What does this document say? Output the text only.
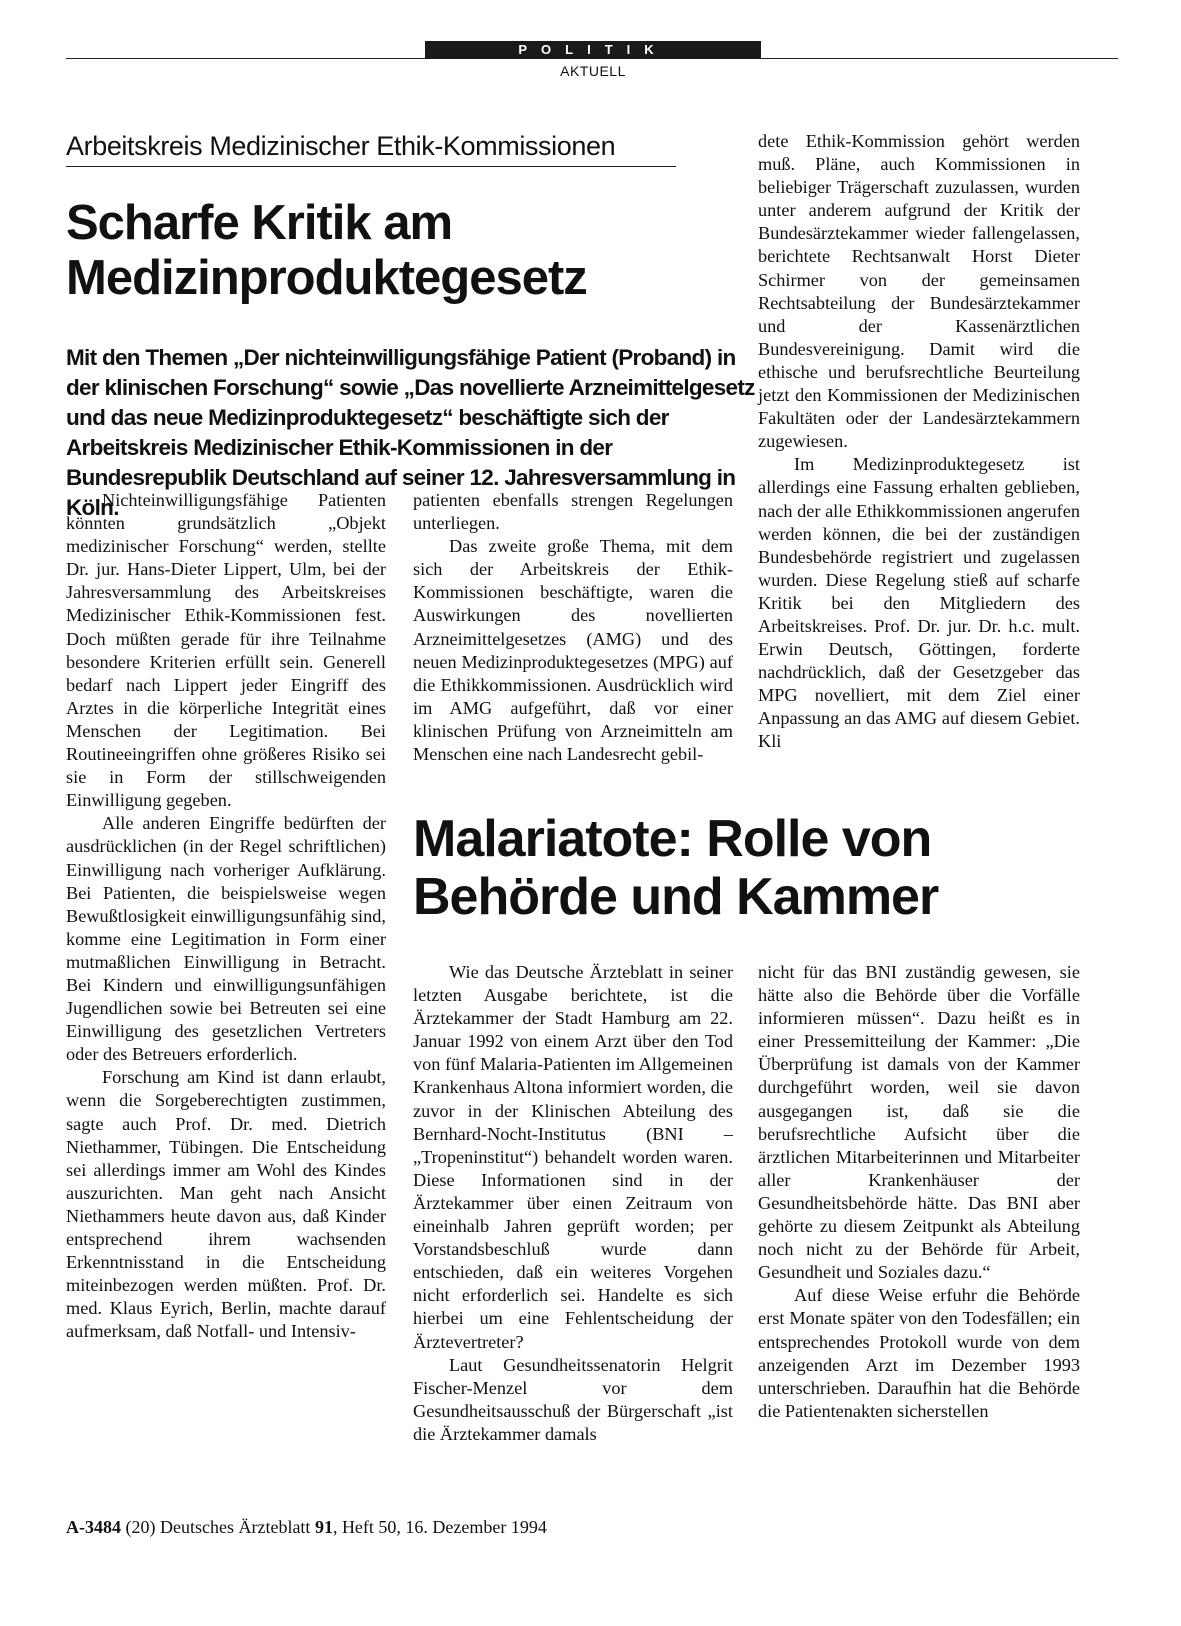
POLITIK
AKTUELL
Arbeitskreis Medizinischer Ethik-Kommissionen
Scharfe Kritik am
Medizinproduktegesetz

Mit den Themen „Der nichteinwilligungsfähige Patient (Proband) in der klinischen Forschung“ sowie „Das novellierte Arzneimittelgesetz und das neue Medizinproduktegesetz“ beschäftigte sich der Arbeitskreis Medizinischer Ethik-Kommissionen in der Bundesrepublik Deutschland auf seiner 12. Jahresversammlung in Köln.

Nichteinwilligungsfähige Patienten könnten grundsätzlich „Objekt medizinischer Forschung“ werden, stellte Dr. jur. Hans-Dieter Lippert, Ulm, bei der Jahresversammlung des Arbeitskreises Medizinischer Ethik-Kommissionen fest. Doch müßten gerade für ihre Teilnahme besondere Kriterien erfüllt sein. Generell bedarf nach Lippert jeder Eingriff des Arztes in die körperliche Integrität eines Menschen der Legitimation. Bei Routineeingriffen ohne größeres Risiko sei sie in Form der stillschweigenden Einwilligung gegeben.

Alle anderen Eingriffe bedürften der ausdrücklichen (in der Regel schriftlichen) Einwilligung nach vorheriger Aufklärung. Bei Patienten, die beispielsweise wegen Bewußtlosigkeit einwilligungsunfähig sind, komme eine Legitimation in Form einer mutmaßlichen Einwilligung in Betracht. Bei Kindern und einwilligungsunfähigen Jugendlichen sowie bei Betreuten sei eine Einwilligung des gesetzlichen Vertreters oder des Betreuers erforderlich.

Forschung am Kind ist dann erlaubt, wenn die Sorgeberechtigten zustimmen, sagte auch Prof. Dr. med. Dietrich Niethammer, Tübingen. Die Entscheidung sei allerdings immer am Wohl des Kindes auszurichten. Man geht nach Ansicht Niethammers heute davon aus, daß Kinder entsprechend ihrem wachsenden Erkenntnisstand in die Entscheidung miteinbezogen werden müßten. Prof. Dr. med. Klaus Eyrich, Berlin, machte darauf aufmerksam, daß Notfall- und Intensiv-

patienten ebenfalls strengen Regelungen unterliegen.

Das zweite große Thema, mit dem sich der Arbeitskreis der Ethik-Kommissionen beschäftigte, waren die Auswirkungen des novellierten Arzneimittelgesetzes (AMG) und des neuen Medizinproduktegesetzes (MPG) auf die Ethikkommissionen. Ausdrücklich wird im AMG aufgeführt, daß vor einer klinischen Prüfung von Arzneimitteln am Menschen eine nach Landesrecht gebil-

dete Ethik-Kommission gehört werden muß. Pläne, auch Kommissionen in beliebiger Trägerschaft zuzulassen, wurden unter anderem aufgrund der Kritik der Bundesärztekammer wieder fallengelassen, berichtete Rechtsanwalt Horst Dieter Schirmer von der gemeinsamen Rechtsabteilung der Bundesärztekammer und der Kassenärztlichen Bundesvereinigung. Damit wird die ethische und berufsrechtliche Beurteilung jetzt den Kommissionen der Medizinischen Fakultäten oder der Landesärztekammern zugewiesen.

Im Medizinproduktegesetz ist allerdings eine Fassung erhalten geblieben, nach der alle Ethikkommissionen angerufen werden können, die bei der zuständigen Bundesbehörde registriert und zugelassen wurden. Diese Regelung stieß auf scharfe Kritik bei den Mitgliedern des Arbeitskreises. Prof. Dr. jur. Dr. h.c. mult. Erwin Deutsch, Göttingen, forderte nachdrücklich, daß der Gesetzgeber das MPG novelliert, mit dem Ziel einer Anpassung an das AMG auf diesem Gebiet. Kli

Malariatote: Rolle von
Behörde und Kammer

Wie das Deutsche Ärzteblatt in seiner letzten Ausgabe berichtete, ist die Ärztekammer der Stadt Hamburg am 22. Januar 1992 von einem Arzt über den Tod von fünf Malaria-Patienten im Allgemeinen Krankenhaus Altona informiert worden, die zuvor in der Klinischen Abteilung des Bernhard-Nocht-Institutus (BNI – „Tropeninstitut“) behandelt worden waren. Diese Informationen sind in der Ärztekammer über einen Zeitraum von eineinhalb Jahren geprüft worden; per Vorstandsbeschluß wurde dann entschieden, daß ein weiteres Vorgehen nicht erforderlich sei. Handelte es sich hierbei um eine Fehlentscheidung der Ärztevertreter?

Laut Gesundheitssenatorin Helgrit Fischer-Menzel vor dem Gesundheitsausschuß der Bürgerschaft „ist die Ärztekammer damals

nicht für das BNI zuständig gewesen, sie hätte also die Behörde über die Vorfälle informieren müssen“. Dazu heißt es in einer Pressemitteilung der Kammer: „Die Überprüfung ist damals von der Kammer durchgeführt worden, weil sie davon ausgegangen ist, daß sie die berufsrechtliche Aufsicht über die ärztlichen Mitarbeiterinnen und Mitarbeiter aller Krankenhäuser der Gesundheitsbehörde hätte. Das BNI aber gehörte zu diesem Zeitpunkt als Abteilung noch nicht zu der Behörde für Arbeit, Gesundheit und Soziales dazu.“

Auf diese Weise erfuhr die Behörde erst Monate später von den Todesfällen; ein entsprechendes Protokoll wurde von dem anzeigenden Arzt im Dezember 1993 unterschrieben. Daraufhin hat die Behörde die Patientenakten sicherstellen

A-3484 (20) Deutsches Ärzteblatt 91, Heft 50, 16. Dezember 1994
